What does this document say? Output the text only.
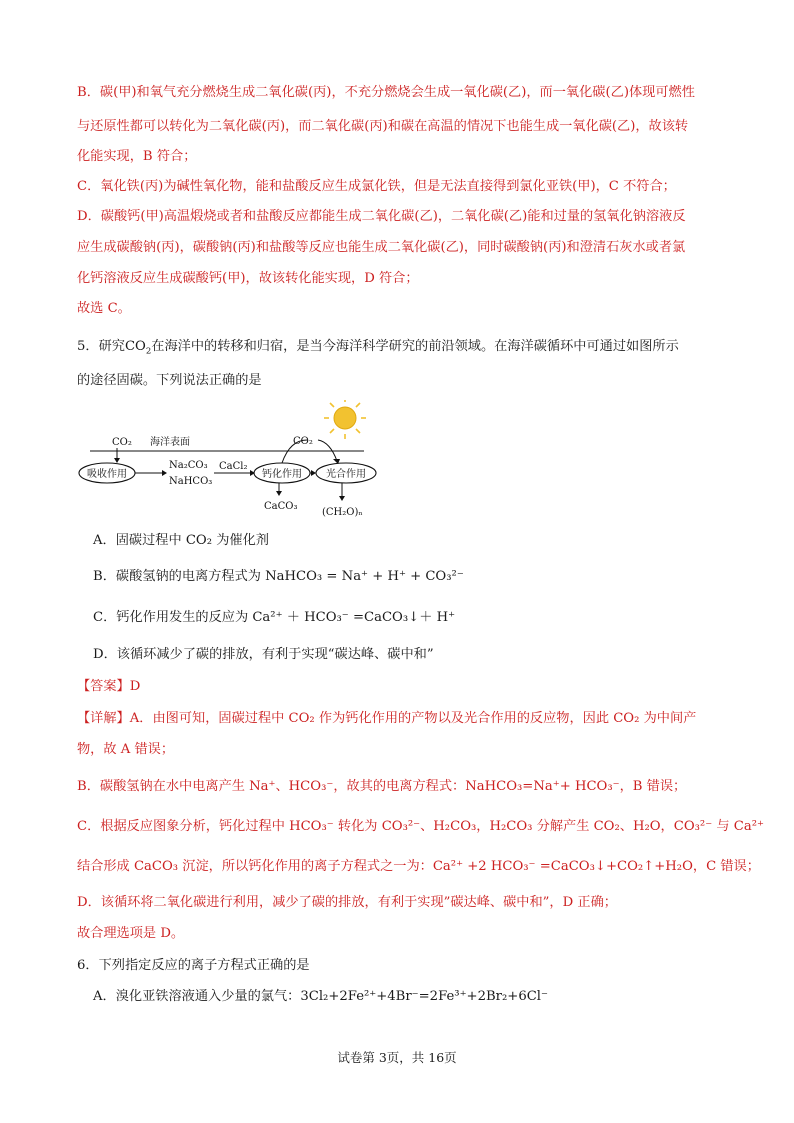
B．碳(甲)和氧气充分燃烧生成二氧化碳(丙)，不充分燃烧会生成一氧化碳(乙)，而一氧化碳(乙)体现可燃性
与还原性都可以转化为二氧化碳(丙)，而二氧化碳(丙)和碳在高温的情况下也能生成一氧化碳(乙)，故该转
化能实现，B 符合；
C．氧化铁(丙)为碱性氧化物，能和盐酸反应生成氯化铁，但是无法直接得到氯化亚铁(甲)，C 不符合；
D．碳酸钙(甲)高温煅烧或者和盐酸反应都能生成二氧化碳(乙)，二氧化碳(乙)能和过量的氢氧化钠溶液反
应生成碳酸钠(丙)，碳酸钠(丙)和盐酸等反应也能生成二氧化碳(乙)，同时碳酸钠(丙)和澄清石灰水或者氯
化钙溶液反应生成碳酸钙(甲)，故该转化能实现，D 符合；
故选 C。
5．研究$CO_2$在海洋中的转移和归宿，是当今海洋科学研究的前沿领域。在海洋碳循环中可通过如图所示
的途径固碳。下列说法正确的是
CO₂ 海洋表面
吸收作用
Na₂CO₃
NaHCO₃
CaCl₂
钙化作用
CO₂
光合作用
CaCO₃
(CH₂O)ₙ
A．固碳过程中 CO₂ 为催化剂
B．碳酸氢钠的电离方程式为 NaHCO₃ = Na⁺ + H⁺ + CO₃²⁻
C．钙化作用发生的反应为 Ca²⁺ ＋ HCO₃⁻ =CaCO₃↓＋ H⁺
D．该循环减少了碳的排放，有利于实现“碳达峰、碳中和”
【答案】D
【详解】A．由图可知，固碳过程中 CO₂ 作为钙化作用的产物以及光合作用的反应物，因此 CO₂ 为中间产
物，故 A 错误；
B．碳酸氢钠在水中电离产生 Na⁺、HCO₃⁻，故其的电离方程式：NaHCO₃=Na⁺+ HCO₃⁻，B 错误；
C．根据反应图象分析，钙化过程中 HCO₃⁻ 转化为 CO₃²⁻、H₂CO₃，H₂CO₃ 分解产生 CO₂、H₂O，CO₃²⁻ 与 Ca²⁺
结合形成 CaCO₃ 沉淀，所以钙化作用的离子方程式之一为：Ca²⁺ +2 HCO₃⁻ =CaCO₃↓+CO₂↑+H₂O，C 错误；
D．该循环将二氧化碳进行利用，减少了碳的排放，有利于实现”碳达峰、碳中和”，D 正确；
故合理选项是 D。
6．下列指定反应的离子方程式正确的是
A．溴化亚铁溶液通入少量的氯气：3Cl₂+2Fe²⁺+4Br⁻=2Fe³⁺+2Br₂+6Cl⁻
试卷第 3页，共 16页
